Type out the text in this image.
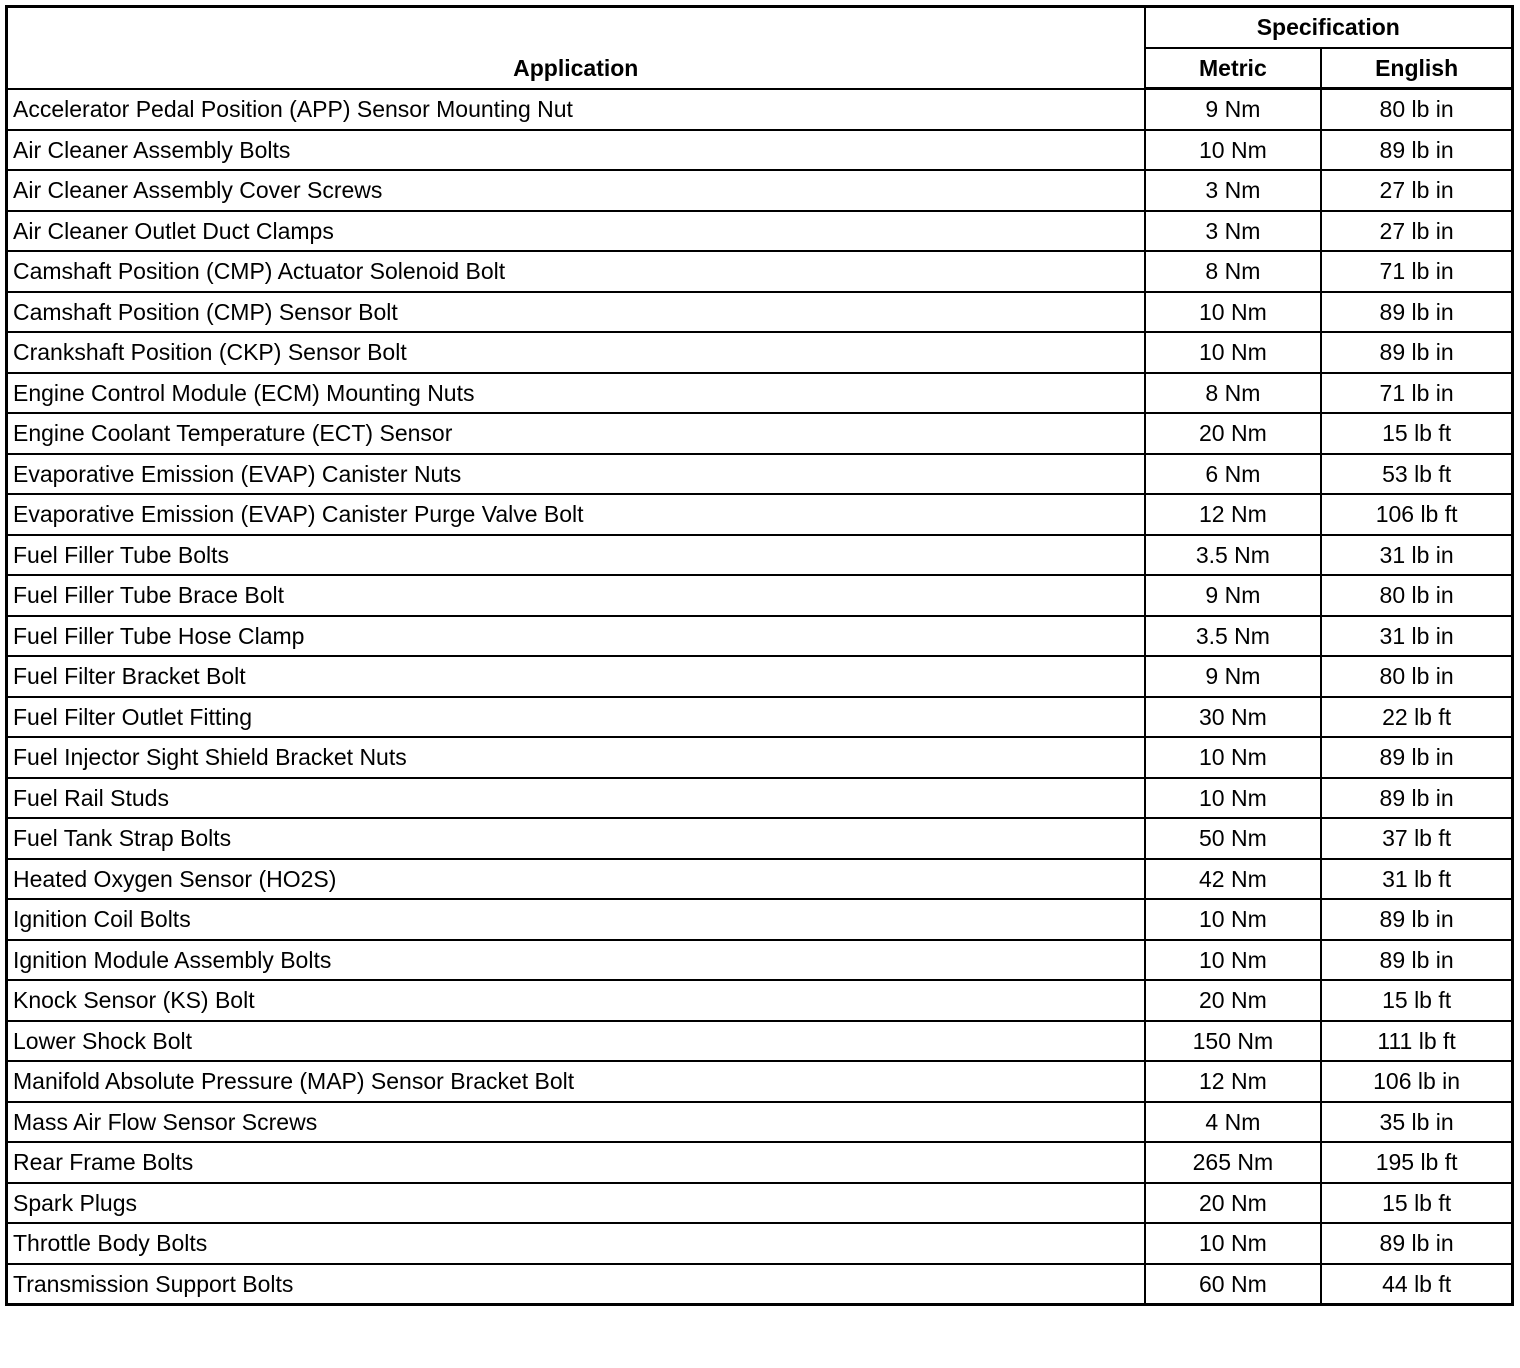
Application	Specification	
	Metric	English
Accelerator Pedal Position (APP) Sensor Mounting Nut	9 Nm	80 lb in
Air Cleaner Assembly Bolts	10 Nm	89 lb in
Air Cleaner Assembly Cover Screws	3 Nm	27 lb in
Air Cleaner Outlet Duct Clamps	3 Nm	27 lb in
Camshaft Position (CMP) Actuator Solenoid Bolt	8 Nm	71 lb in
Camshaft Position (CMP) Sensor Bolt	10 Nm	89 lb in
Crankshaft Position (CKP) Sensor Bolt	10 Nm	89 lb in
Engine Control Module (ECM) Mounting Nuts	8 Nm	71 lb in
Engine Coolant Temperature (ECT) Sensor	20 Nm	15 lb ft
Evaporative Emission (EVAP) Canister Nuts	6 Nm	53 lb ft
Evaporative Emission (EVAP) Canister Purge Valve Bolt	12 Nm	106 lb ft
Fuel Filler Tube Bolts	3.5 Nm	31 lb in
Fuel Filler Tube Brace Bolt	9 Nm	80 lb in
Fuel Filler Tube Hose Clamp	3.5 Nm	31 lb in
Fuel Filter Bracket Bolt	9 Nm	80 lb in
Fuel Filter Outlet Fitting	30 Nm	22 lb ft
Fuel Injector Sight Shield Bracket Nuts	10 Nm	89 lb in
Fuel Rail Studs	10 Nm	89 lb in
Fuel Tank Strap Bolts	50 Nm	37 lb ft
Heated Oxygen Sensor (HO2S)	42 Nm	31 lb ft
Ignition Coil Bolts	10 Nm	89 lb in
Ignition Module Assembly Bolts	10 Nm	89 lb in
Knock Sensor (KS) Bolt	20 Nm	15 lb ft
Lower Shock Bolt	150 Nm	111 lb ft
Manifold Absolute Pressure (MAP) Sensor Bracket Bolt	12 Nm	106 lb in
Mass Air Flow Sensor Screws	4 Nm	35 lb in
Rear Frame Bolts	265 Nm	195 lb ft
Spark Plugs	20 Nm	15 lb ft
Throttle Body Bolts	10 Nm	89 lb in
Transmission Support Bolts	60 Nm	44 lb ft
